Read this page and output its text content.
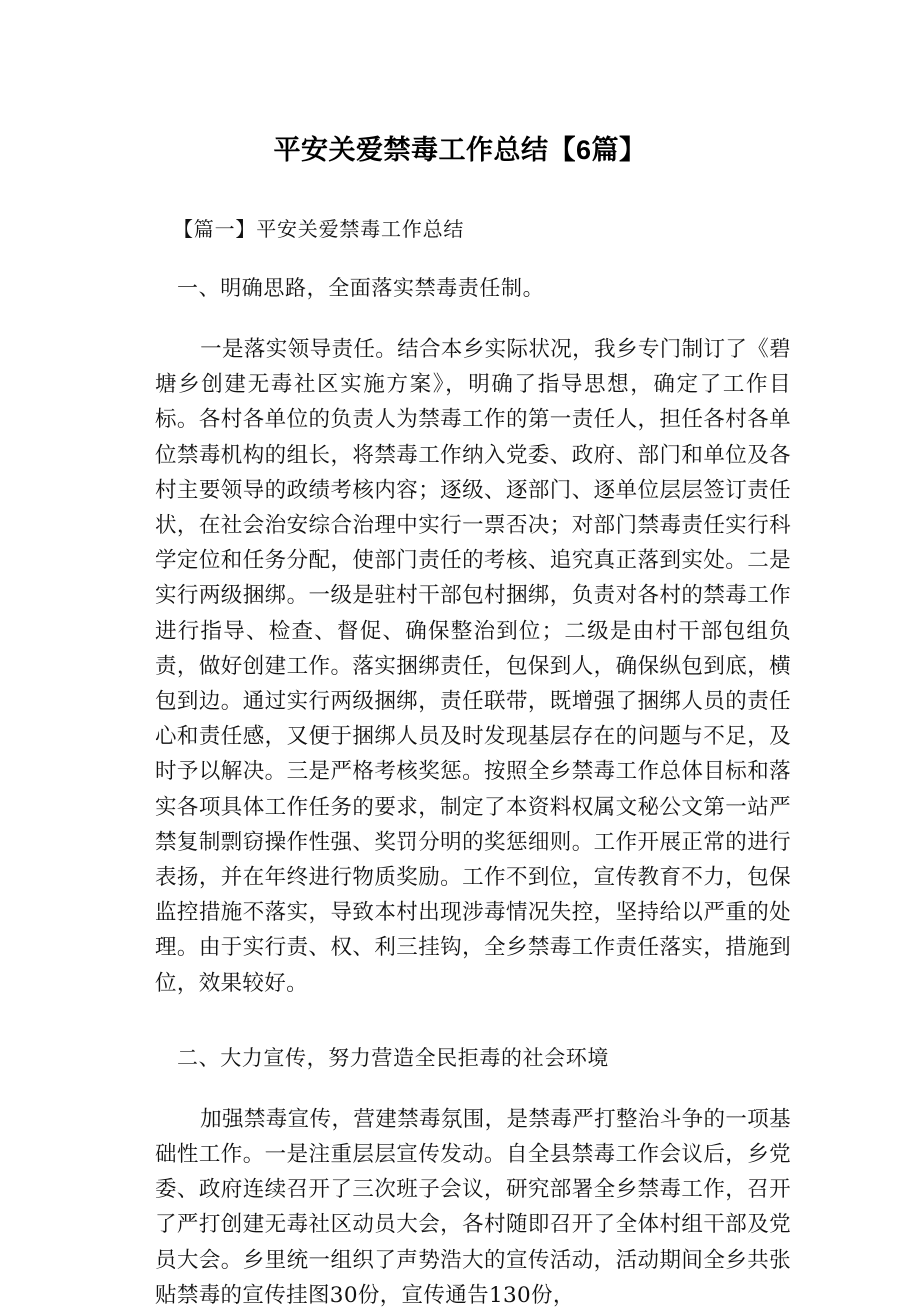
平安关爱禁毒工作总结【6篇】
【篇一】平安关爱禁毒工作总结
一、明确思路，全面落实禁毒责任制。

一是落实领导责任。结合本乡实际状况，我乡专门制订了《碧塘乡创建无毒社区实施方案》，明确了指导思想，确定了工作目标。各村各单位的负责人为禁毒工作的第一责任人，担任各村各单位禁毒机构的组长，将禁毒工作纳入党委、政府、部门和单位及各村主要领导的政绩考核内容；逐级、逐部门、逐单位层层签订责任状，在社会治安综合治理中实行一票否决；对部门禁毒责任实行科学定位和任务分配，使部门责任的考核、追究真正落到实处。二是实行两级捆绑。一级是驻村干部包村捆绑，负责对各村的禁毒工作进行指导、检查、督促、确保整治到位；二级是由村干部包组负责，做好创建工作。落实捆绑责任，包保到人，确保纵包到底，横包到边。通过实行两级捆绑，责任联带，既增强了捆绑人员的责任心和责任感，又便于捆绑人员及时发现基层存在的问题与不足，及时予以解决。三是严格考核奖惩。按照全乡禁毒工作总体目标和落实各项具体工作任务的要求，制定了本资料权属文秘公文第一站严禁复制剽窃操作性强、奖罚分明的奖惩细则。工作开展正常的进行表扬，并在年终进行物质奖励。工作不到位，宣传教育不力，包保监控措施不落实，导致本村出现涉毒情况失控，坚持给以严重的处理。由于实行责、权、利三挂钩，全乡禁毒工作责任落实，措施到位，效果较好。

二、大力宣传，努力营造全民拒毒的社会环境

加强禁毒宣传，营建禁毒氛围，是禁毒严打整治斗争的一项基础性工作。一是注重层层宣传发动。自全县禁毒工作会议后，乡党委、政府连续召开了三次班子会议，研究部署全乡禁毒工作，召开了严打创建无毒社区动员大会，各村随即召开了全体村组干部及党员大会。乡里统一组织了声势浩大的宣传活动，活动期间全乡共张贴禁毒的宣传挂图30份，宣传通告130份，
